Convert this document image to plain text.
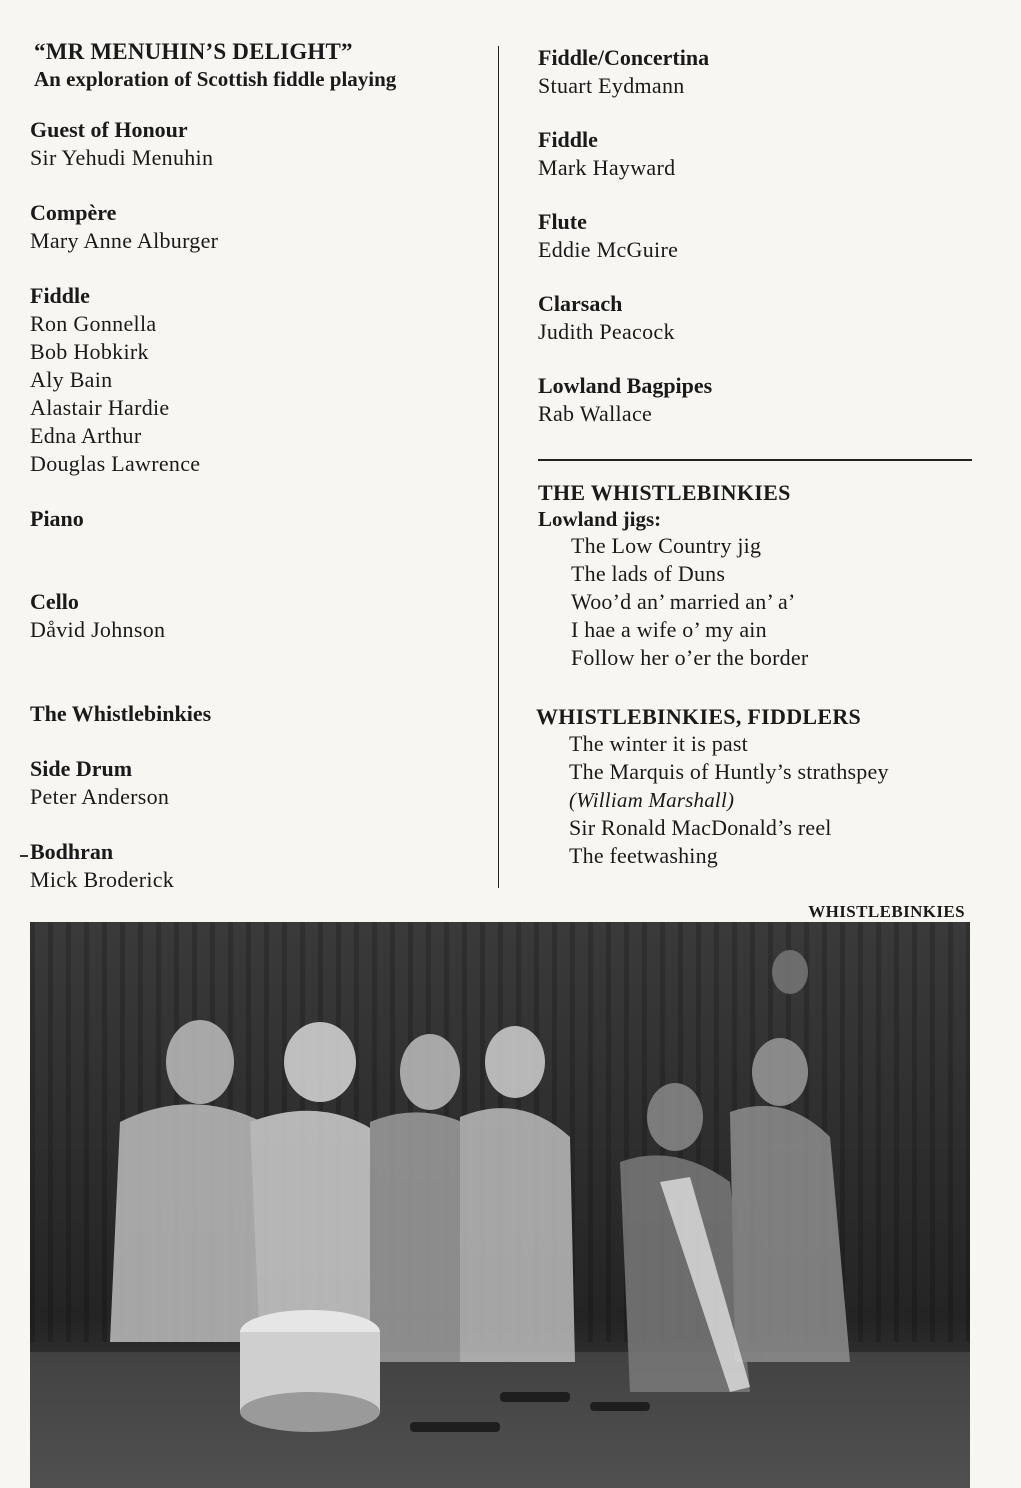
“MR MENUHIN’S DELIGHT”
An exploration of Scottish fiddle playing
Guest of Honour
Sir Yehudi Menuhin
Compère
Mary Anne Alburger
Fiddle
Ron Gonnella
Bob Hobkirk
Aly Bain
Alastair Hardie
Edna Arthur
Douglas Lawrence
Piano
Cello
Dåvid Johnson
The Whistlebinkies
Side Drum
Peter Anderson
Bodhran
Mick Broderick
Fiddle/Concertina
Stuart Eydmann
Fiddle
Mark Hayward
Flute
Eddie McGuire
Clarsach
Judith Peacock
Lowland Bagpipes
Rab Wallace
THE WHISTLEBINKIES
Lowland jigs:
The Low Country jig
The lads of Duns
Woo’d an’ married an’ a’
I hae a wife o’ my ain
Follow her o’er the border
WHISTLEBINKIES, FIDDLERS
The winter it is past
The Marquis of Huntly’s strathspey
(William Marshall)
Sir Ronald MacDonald’s reel
The feetwashing
WHISTLEBINKIES
